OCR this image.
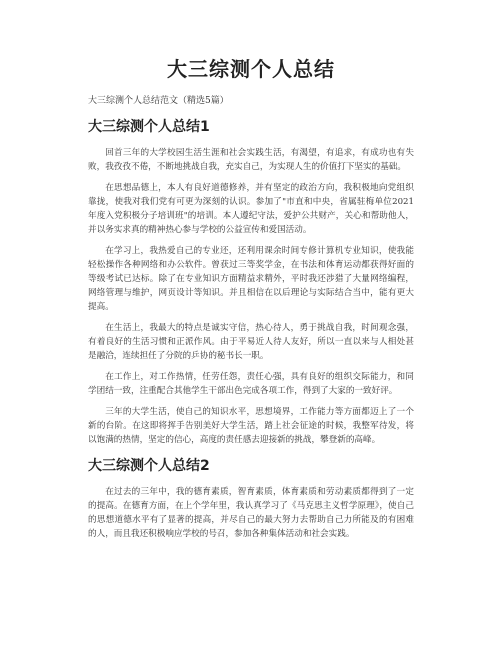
大三综测个人总结

大三综测个人总结范文（精选5篇）

大三综测个人总结1

回首三年的大学校园生活生涯和社会实践生活，有渴望，有追求，有成功也有失败，我孜孜不倦，不断地挑战自我，充实自己，为实现人生的价值打下坚实的基础。

在思想品德上，本人有良好道德修养，并有坚定的政治方向，我积极地向党组织靠拢，使我对我们党有可更为深刻的认识。参加了"市直和中央，省属驻梅单位2021年度入党积极分子培训班"的培训。本人遵纪守法，爱护公共财产，关心和帮助他人，并以务实求真的精神热心参与学校的公益宣传和爱国活动。

在学习上，我热爱自己的专业还，还利用课余时间专修计算机专业知识，使我能轻松操作各种网络和办公软件。曾获过三等奖学金，在书法和体育运动都获得好面的等级考试已达标。除了在专业知识方面精益求精外，平时我还涉猎了大量网络编程，网络管理与维护，网页设计等知识。并且相信在以后理论与实际结合当中，能有更大提高。

在生活上，我最大的特点是诚实守信，热心待人，勇于挑战自我，时间观念强，有着良好的生活习惯和正派作风。由于平易近人待人友好，所以一直以来与人相处甚是融洽，连续担任了分院的乒协的秘书长一职。

在工作上，对工作热情，任劳任怨，责任心强，具有良好的组织交际能力，和同学团结一致，注重配合其他学生干部出色完成各项工作，得到了大家的一致好评。

三年的大学生活，使自己的知识水平，思想境界，工作能力等方面都迈上了一个新的台阶。在这即将挥手告别美好大学生活，踏上社会征途的时候，我整军待发，将以饱满的热情，坚定的信心，高度的责任感去迎接新的挑战，攀登新的高峰。

大三综测个人总结2

在过去的三年中，我的德育素质，智育素质，体育素质和劳动素质都得到了一定的提高。在德育方面，在上个学年里，我认真学习了《马克思主义哲学原理》，使自己的思想道德水平有了显著的提高，并尽自己的最大努力去帮助自己力所能及的有困难的人，而且我还积极响应学校的号召，参加各种集体活动和社会实践。
